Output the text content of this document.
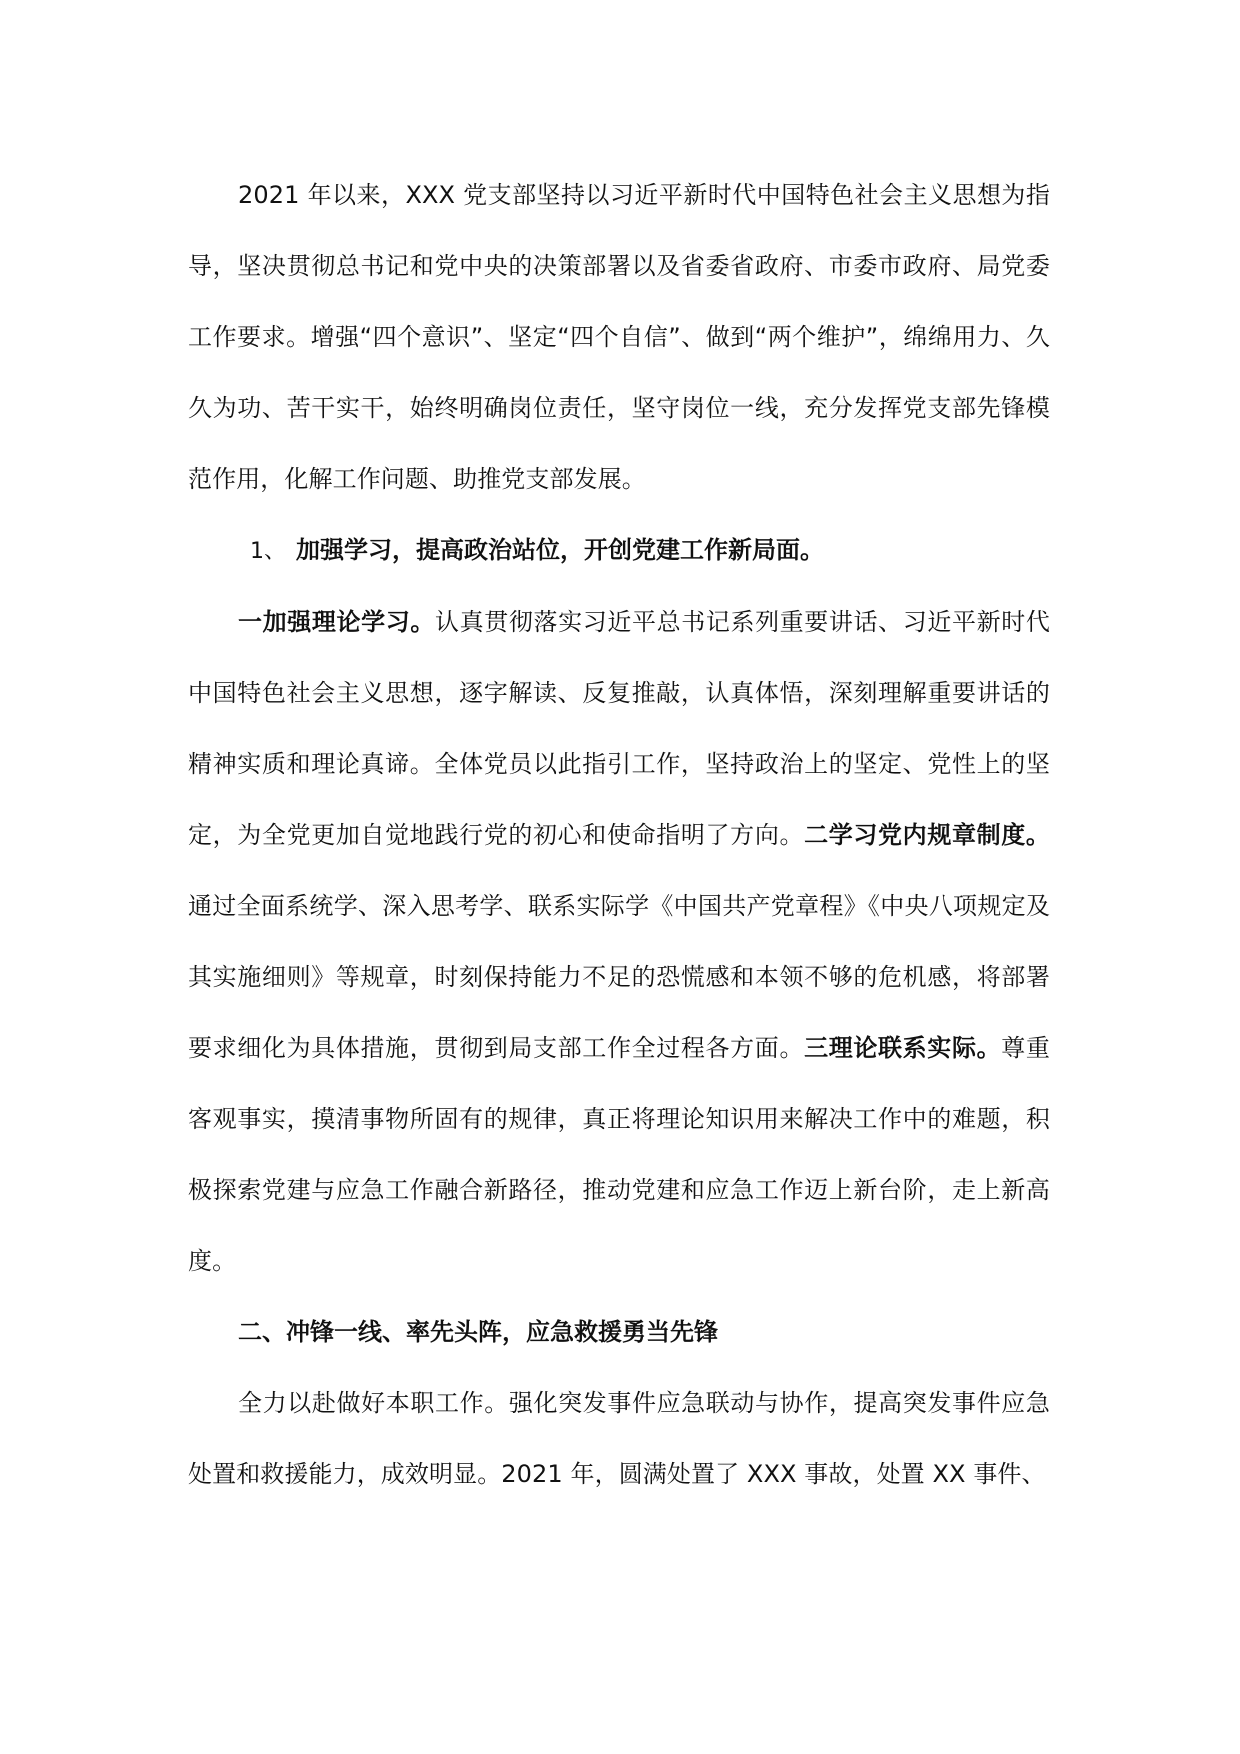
2021 年以来，XXX 党支部坚持以习近平新时代中国特色社会主义思想为指导，坚决贯彻总书记和党中央的决策部署以及省委省政府、市委市政府、局党委工作要求。增强“四个意识”、坚定“四个自信”、做到“两个维护”，绵绵用力、久久为功、苦干实干，始终明确岗位责任，坚守岗位一线，充分发挥党支部先锋模范作用，化解工作问题、助推党支部发展。

1、 加强学习，提高政治站位，开创党建工作新局面。

一加强理论学习。认真贯彻落实习近平总书记系列重要讲话、习近平新时代中国特色社会主义思想，逐字解读、反复推敲，认真体悟，深刻理解重要讲话的精神实质和理论真谛。全体党员以此指引工作，坚持政治上的坚定、党性上的坚定，为全党更加自觉地践行党的初心和使命指明了方向。二学习党内规章制度。通过全面系统学、深入思考学、联系实际学《中国共产党章程》《中央八项规定及其实施细则》等规章，时刻保持能力不足的恐慌感和本领不够的危机感，将部署要求细化为具体措施，贯彻到局支部工作全过程各方面。三理论联系实际。尊重客观事实，摸清事物所固有的规律，真正将理论知识用来解决工作中的难题，积极探索党建与应急工作融合新路径，推动党建和应急工作迈上新台阶，走上新高度。

二、冲锋一线、率先头阵，应急救援勇当先锋

全力以赴做好本职工作。强化突发事件应急联动与协作，提高突发事件应急处置和救援能力，成效明显。2021 年，圆满处置了 XXX 事故，处置 XX 事件、
